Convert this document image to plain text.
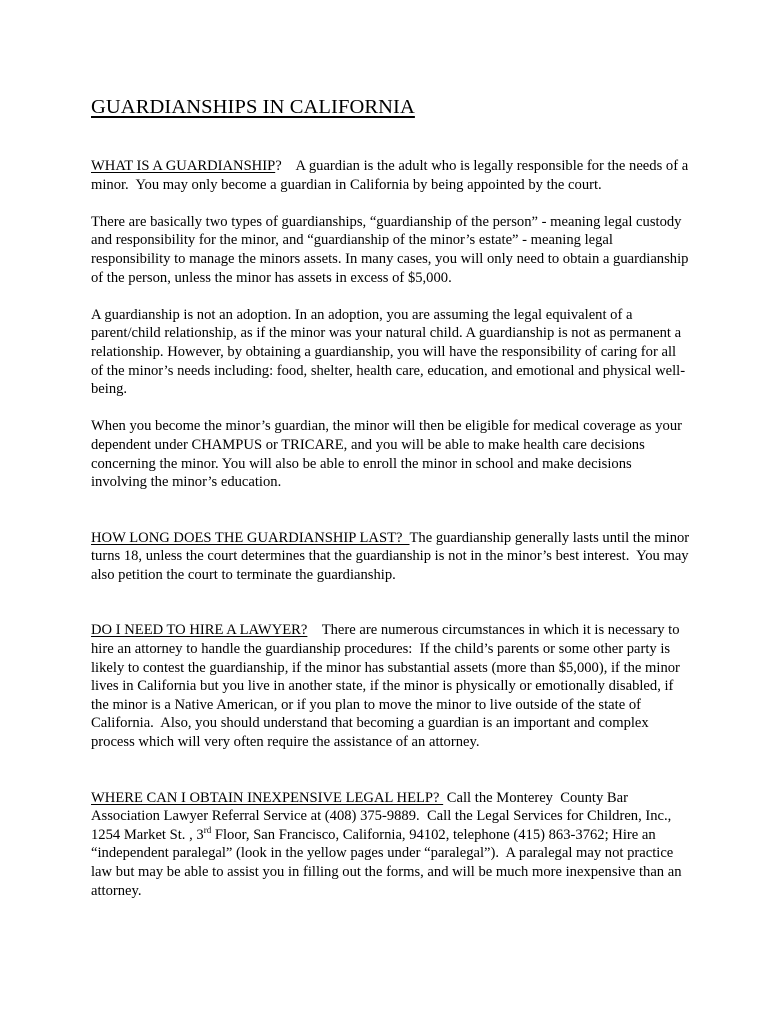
GUARDIANSHIPS IN CALIFORNIA

WHAT IS A GUARDIANSHIP?    A guardian is the adult who is legally responsible for the needs of a minor.  You may only become a guardian in California by being appointed by the court.

There are basically two types of guardianships, “guardianship of the person” - meaning legal custody and responsibility for the minor, and “guardianship of the minor’s estate” - meaning legal responsibility to manage the minors assets. In many cases, you will only need to obtain a guardianship of the person, unless the minor has assets in excess of $5,000.

A guardianship is not an adoption. In an adoption, you are assuming the legal equivalent of a parent/child relationship, as if the minor was your natural child. A guardianship is not as permanent a relationship. However, by obtaining a guardianship, you will have the responsibility of caring for all of the minor’s needs including: food, shelter, health care, education, and emotional and physical well-being.

When you become the minor’s guardian, the minor will then be eligible for medical coverage as your dependent under CHAMPUS or TRICARE, and you will be able to make health care decisions concerning the minor. You will also be able to enroll the minor in school and make decisions involving the minor’s education.

HOW LONG DOES THE GUARDIANSHIP LAST?  The guardianship generally lasts until the minor turns 18, unless the court determines that the guardianship is not in the minor’s best interest.  You may also petition the court to terminate the guardianship.

DO I NEED TO HIRE A LAWYER?    There are numerous circumstances in which it is necessary to hire an attorney to handle the guardianship procedures:  If the child’s parents or some other party is likely to contest the guardianship, if the minor has substantial assets (more than $5,000), if the minor lives in California but you live in another state, if the minor is physically or emotionally disabled, if the minor is a Native American, or if you plan to move the minor to live outside of the state of California.  Also, you should understand that becoming a guardian is an important and complex process which will very often require the assistance of an attorney.

WHERE CAN I OBTAIN INEXPENSIVE LEGAL HELP?  Call the Monterey  County Bar Association Lawyer Referral Service at (408) 375-9889.  Call the Legal Services for Children, Inc., 1254 Market St. , 3rd Floor, San Francisco, California, 94102, telephone (415) 863-3762; Hire an “independent paralegal” (look in the yellow pages under “paralegal”).  A paralegal may not practice law but may be able to assist you in filling out the forms, and will be much more inexpensive than an attorney.
